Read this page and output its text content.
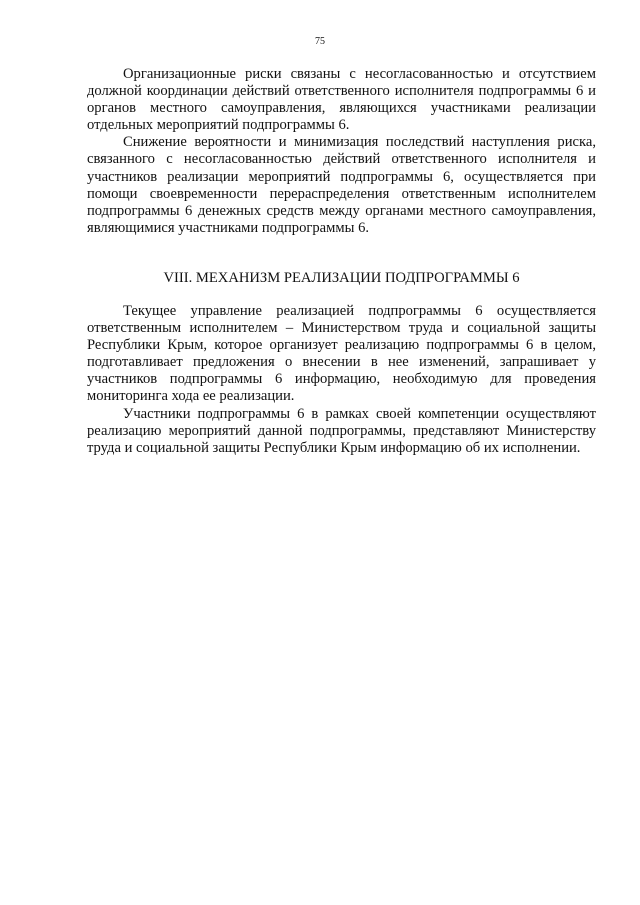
75

Организационные риски связаны с несогласованностью и отсутствием должной координации действий ответственного исполнителя подпрограммы 6 и органов местного самоуправления, являющихся участниками реализации отдельных мероприятий подпрограммы 6.

Снижение вероятности и минимизация последствий наступления риска, связанного с несогласованностью действий ответственного исполнителя и участников реализации мероприятий подпрограммы 6, осуществляется при помощи своевременности перераспределения ответственным исполнителем подпрограммы 6 денежных средств между органами местного самоуправления, являющимися участниками подпрограммы 6.

VIII. МЕХАНИЗМ РЕАЛИЗАЦИИ ПОДПРОГРАММЫ 6

Текущее управление реализацией подпрограммы 6 осуществляется ответственным исполнителем – Министерством труда и социальной защиты Республики Крым, которое организует реализацию подпрограммы 6 в целом, подготавливает предложения о внесении в нее изменений, запрашивает у участников подпрограммы 6 информацию, необходимую для проведения мониторинга хода ее реализации.

Участники подпрограммы 6 в рамках своей компетенции осуществляют реализацию мероприятий данной подпрограммы, представляют Министерству труда и социальной защиты Республики Крым информацию об их исполнении.
